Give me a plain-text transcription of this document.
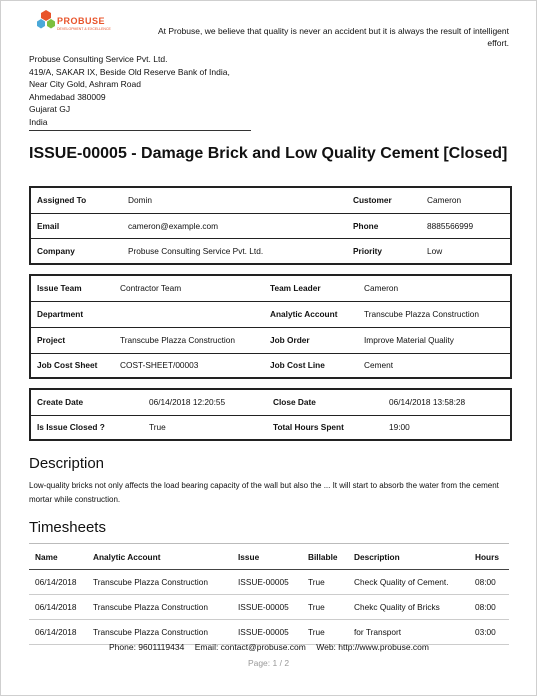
PROBUSE
DEVELOPMENT & EXCELLENCE	At Probuse, we believe that quality is never an accident but it is always the result of intelligent effort.
Probuse Consulting Service Pvt. Ltd.
419/A, SAKAR IX, Beside Old Reserve Bank of India,
Near City Gold, Ashram Road
Ahmedabad 380009
Gujarat GJ
India
ISSUE-00005 - Damage Brick and Low Quality Cement [Closed]
Assigned To	Domin	Customer	Cameron
Email	cameron@example.com	Phone	8885566999
Company	Probuse Consulting Service Pvt. Ltd.	Priority	Low
Issue Team	Contractor Team	Team Leader	Cameron
Department		Analytic Account	Transcube Plazza Construction
Project	Transcube Plazza Construction	Job Order	Improve Material Quality
Job Cost Sheet	COST-SHEET/00003	Job Cost Line	Cement
Create Date	06/14/2018 12:20:55	Close Date	06/14/2018 13:58:28
Is Issue Closed ?	True	Total Hours Spent	19:00
Description
Low-quality bricks not only affects the load bearing capacity of the wall but also the ... It will start to absorb the water from the cement mortar while construction.
Timesheets
Name	Analytic Account	Issue	Billable	Description	Hours
06/14/2018	Transcube Plazza Construction	ISSUE-00005	True	Check Quality of Cement.	08:00
06/14/2018	Transcube Plazza Construction	ISSUE-00005	True	Chekc Quality of Bricks	08:00
06/14/2018	Transcube Plazza Construction	ISSUE-00005	True	for Transport	03:00
Phone: 9601119434 Email: contact@probuse.com Web: http://www.probuse.com
Page: 1 / 2
